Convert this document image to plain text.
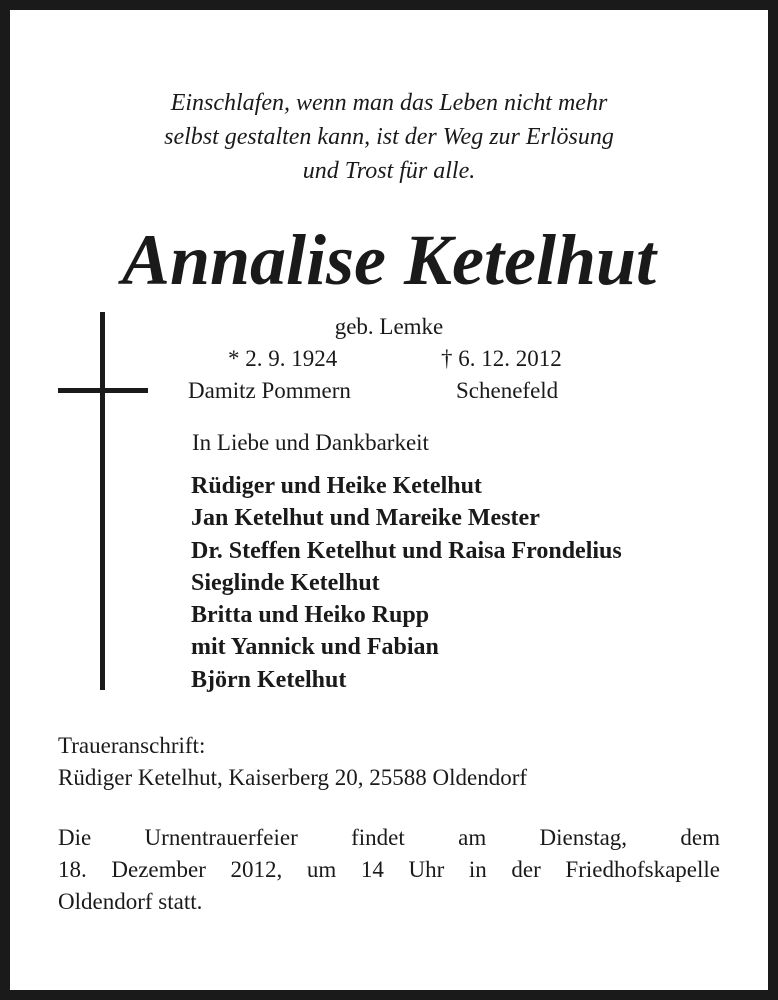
Einschlafen, wenn man das Leben nicht mehr
selbst gestalten kann, ist der Weg zur Erlösung
und Trost für alle.
Annalise Ketelhut
geb. Lemke
* 2. 9. 1924	† 6. 12. 2012
Damitz Pommern	Schenefeld
In Liebe und Dankbarkeit
Rüdiger und Heike Ketelhut
Jan Ketelhut und Mareike Mester
Dr. Steffen Ketelhut und Raisa Frondelius
Sieglinde Ketelhut
Britta und Heiko Rupp
mit Yannick und Fabian
Björn Ketelhut
Traueranschrift:
Rüdiger Ketelhut, Kaiserberg 20, 25588 Oldendorf
Die Urnentrauerfeier findet am Dienstag, dem
18. Dezember 2012, um 14 Uhr in der Friedhofskapelle
Oldendorf statt.
